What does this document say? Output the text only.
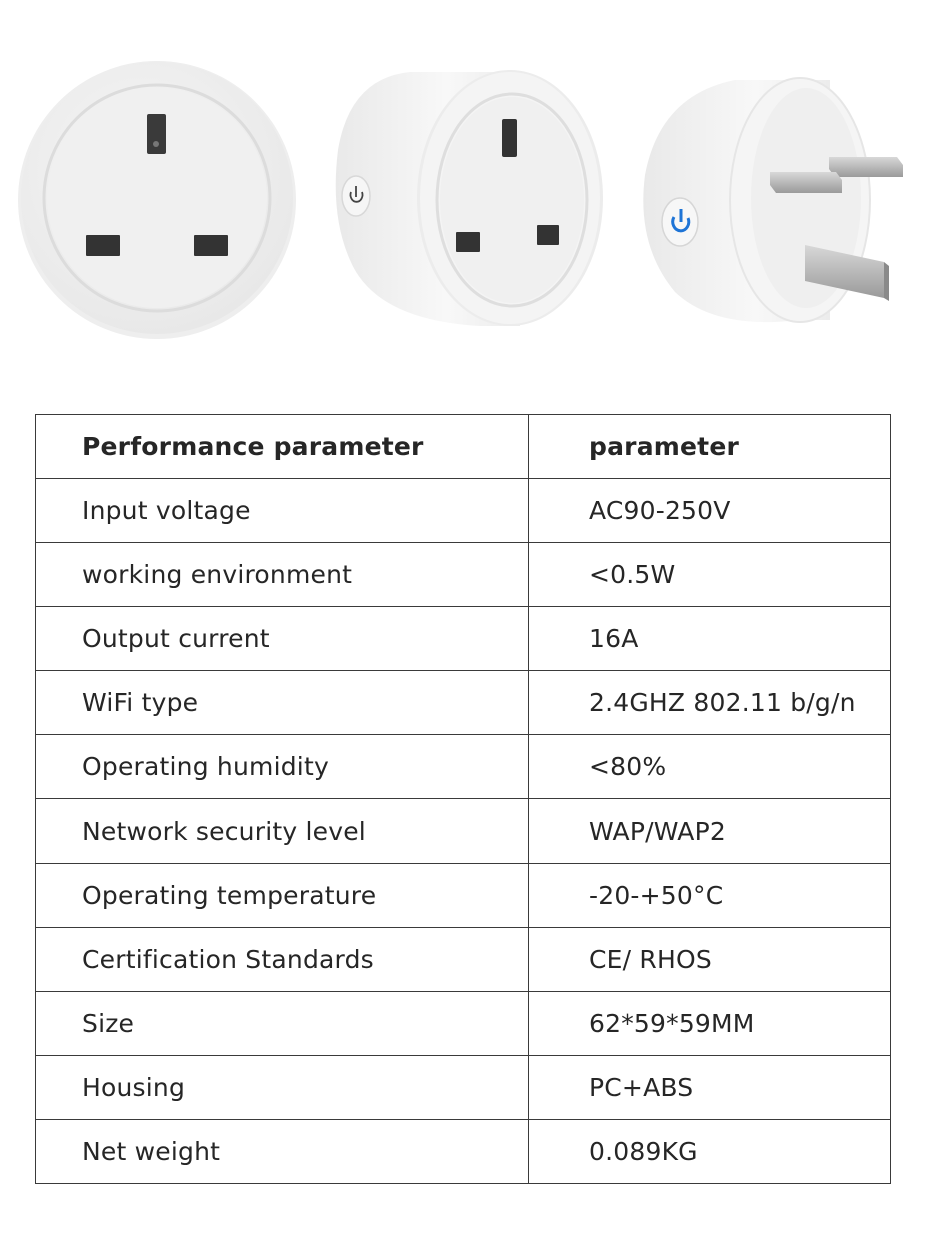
Performance parameter	parameter
Input voltage	AC90-250V
working environment	<0.5W
Output current	16A
WiFi type	2.4GHZ 802.11 b/g/n
Operating humidity	<80%
Network security level	WAP/WAP2
Operating temperature	-20-+50°C
Certification Standards	CE/ RHOS
Size	62*59*59MM
Housing	PC+ABS
Net weight	0.089KG
